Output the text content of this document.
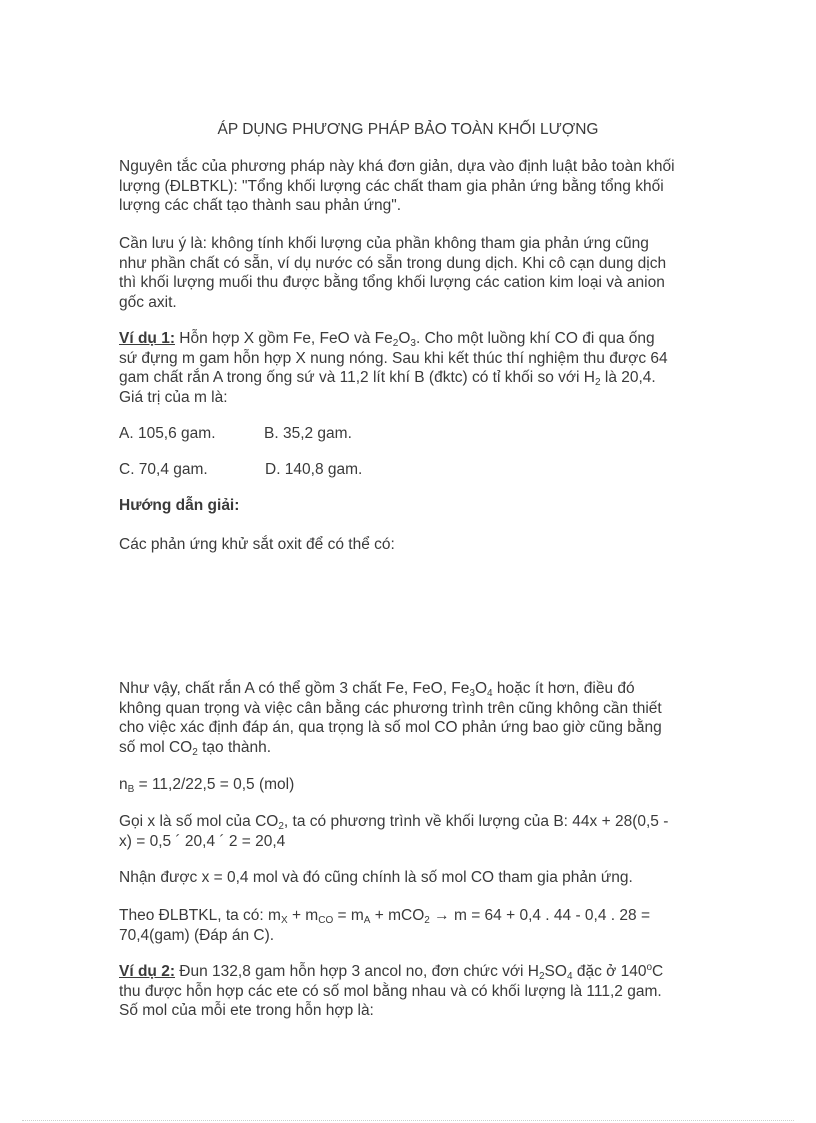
ÁP DỤNG PHƯƠNG PHÁP BẢO TOÀN KHỐI LƯỢNG
Nguyên tắc của phương pháp này khá đơn giản, dựa vào định luật bảo toàn khối
lượng (ĐLBTKL): "Tổng khối lượng các chất tham gia phản ứng bằng tổng khối
lượng các chất tạo thành sau phản ứng".
Cần lưu ý là: không tính khối lượng của phần không tham gia phản ứng cũng
như phần chất có sẵn, ví dụ nước có sẵn trong dung dịch. Khi cô cạn dung dịch
thì khối lượng muối thu được bằng tổng khối lượng các cation kim loại và anion
gốc axit.
Ví dụ 1: Hỗn hợp X gồm Fe, FeO và $Fe_2O_3$. Cho một luồng khí CO đi qua ống
sứ đựng m gam hỗn hợp X nung nóng. Sau khi kết thúc thí nghiệm thu được 64
gam chất rắn A trong ống sứ và 11,2 lít khí B (đktc) có tỉ khối so với $H_2$ là 20,4.
Giá trị của m là:
A. 105,6 gam.	B. 35,2 gam.
C. 70,4 gam.	D. 140,8 gam.
Hướng dẫn giải:
Các phản ứng khử sắt oxit để có thể có:
Như vậy, chất rắn A có thể gồm 3 chất Fe, FeO, $Fe_3O_4$ hoặc ít hơn, điều đó
không quan trọng và việc cân bằng các phương trình trên cũng không cần thiết
cho việc xác định đáp án, qua trọng là số mol CO phản ứng bao giờ cũng bằng
số mol $CO_2$ tạo thành.
$n_B = 11,2/22,5 = 0,5$ (mol)
Gọi x là số mol của $CO_2$, ta có phương trình về khối lượng của B: 44x + 28(0,5 -
x) = 0,5 ´ 20,4 ´ 2 = 20,4
Nhận được x = 0,4 mol và đó cũng chính là số mol CO tham gia phản ứng.
Theo ĐLBTKL, ta có: $m_X + m_{CO} = m_A + mCO_2 \to m = 64 + 0,4$ . 44 - 0,4 . 28 =
70,4(gam) (Đáp án C).
Ví dụ 2: Đun 132,8 gam hỗn hợp 3 ancol no, đơn chức với $H_2SO_4$ đặc ở 140$^o$C
thu được hỗn hợp các ete có số mol bằng nhau và có khối lượng là 111,2 gam.
Số mol của mỗi ete trong hỗn hợp là:
